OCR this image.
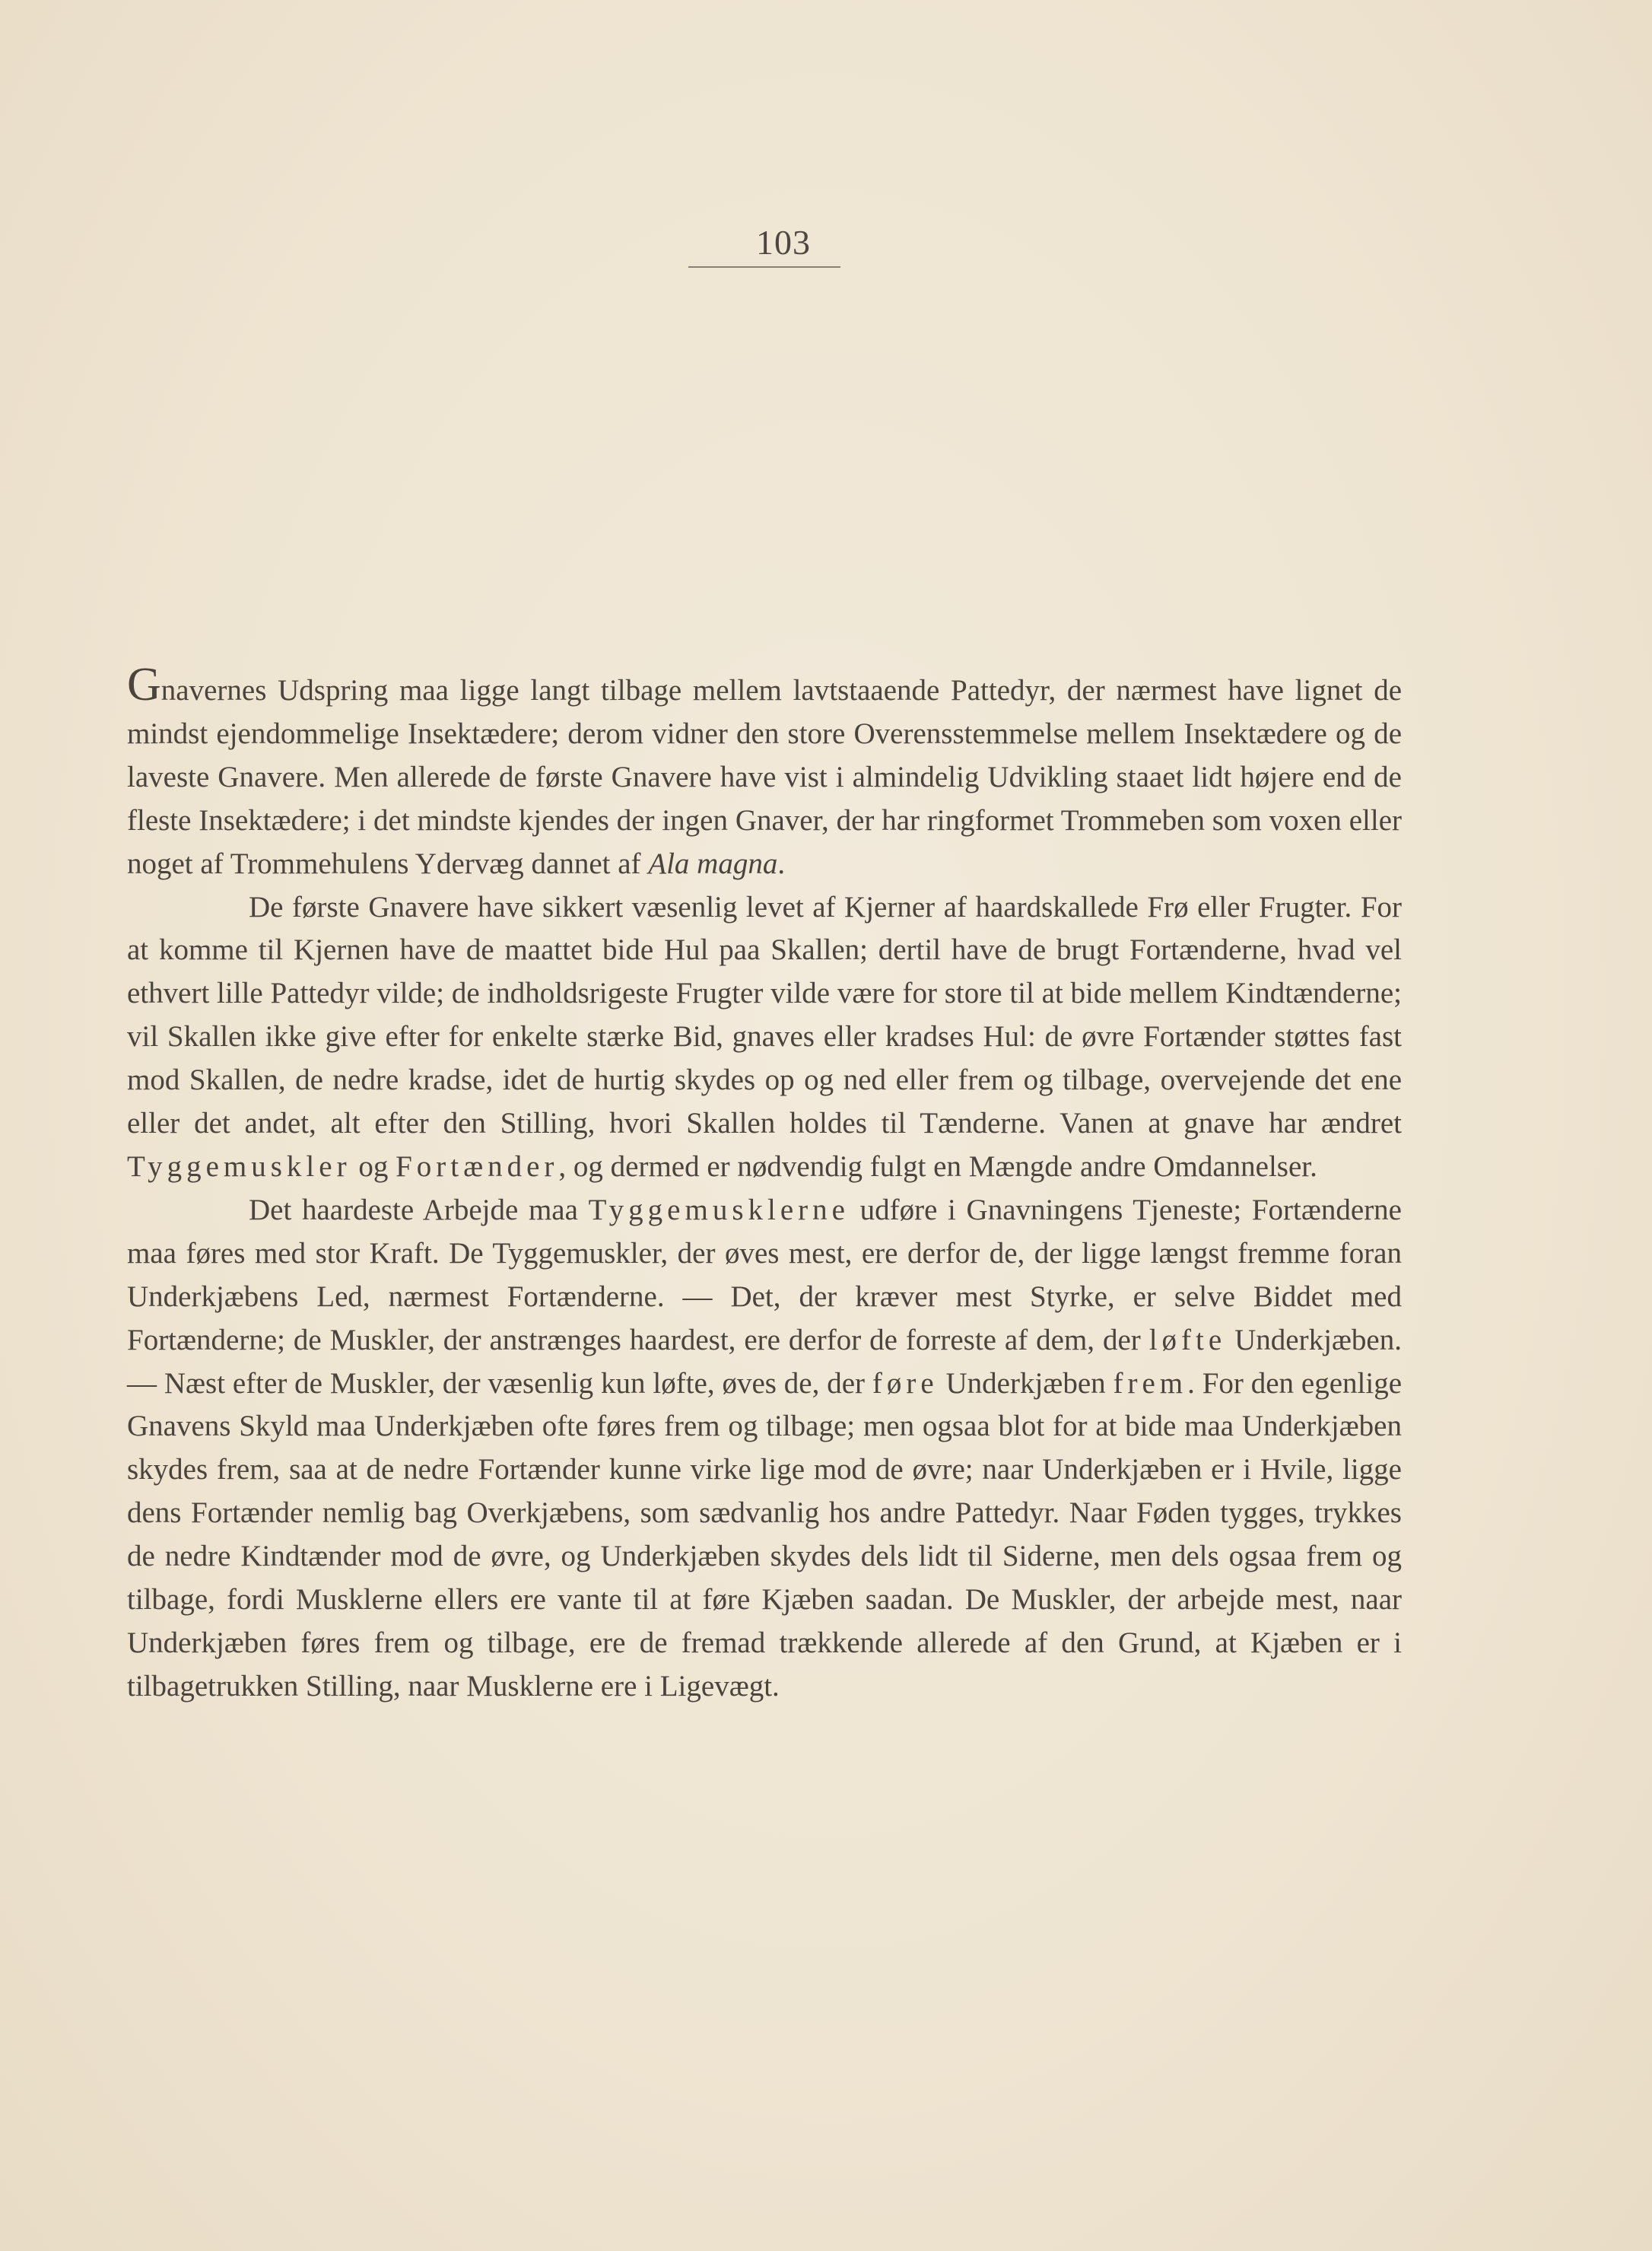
103

Gnavernes Udspring maa ligge langt tilbage mellem lavtstaaende Pattedyr, der nærmest have lignet de mindst ejendommelige Insektædere; derom vidner den store Overensstemmelse mellem Insektædere og de laveste Gnavere. Men allerede de første Gnavere have vist i almindelig Udvikling staaet lidt højere end de fleste Insektædere; i det mindste kjendes der ingen Gnaver, der har ringformet Trommeben som voxen eller noget af Trommehulens Ydervæg dannet af Ala magna.

De første Gnavere have sikkert væsenlig levet af Kjerner af haardskallede Frø eller Frugter. For at komme til Kjernen have de maattet bide Hul paa Skallen; dertil have de brugt Fortænderne, hvad vel ethvert lille Pattedyr vilde; de indholdsrigeste Frugter vilde være for store til at bide mellem Kindtænderne; vil Skallen ikke give efter for enkelte stærke Bid, gnaves eller kradses Hul: de øvre Fortænder støttes fast mod Skallen, de nedre kradse, idet de hurtig skydes op og ned eller frem og tilbage, overvejende det ene eller det andet, alt efter den Stilling, hvori Skallen holdes til Tænderne. Vanen at gnave har ændret Tyggemuskler og Fortænder, og dermed er nødvendig fulgt en Mængde andre Omdannelser.

Det haardeste Arbejde maa Tyggemusklerne udføre i Gnavningens Tjeneste; Fortænderne maa føres med stor Kraft. De Tyggemuskler, der øves mest, ere derfor de, der ligge længst fremme foran Underkjæbens Led, nærmest Fortænderne. — Det, der kræver mest Styrke, er selve Biddet med Fortænderne; de Muskler, der anstrænges haardest, ere derfor de forreste af dem, der løfte Underkjæben. — Næst efter de Muskler, der væsenlig kun løfte, øves de, der føre Underkjæben frem. For den egenlige Gnavens Skyld maa Underkjæben ofte føres frem og tilbage; men ogsaa blot for at bide maa Underkjæben skydes frem, saa at de nedre Fortænder kunne virke lige mod de øvre; naar Underkjæben er i Hvile, ligge dens Fortænder nemlig bag Overkjæbens, som sædvanlig hos andre Pattedyr. Naar Føden tygges, trykkes de nedre Kindtænder mod de øvre, og Underkjæben skydes dels lidt til Siderne, men dels ogsaa frem og tilbage, fordi Musklerne ellers ere vante til at føre Kjæben saadan. De Muskler, der arbejde mest, naar Underkjæben føres frem og tilbage, ere de fremad trækkende allerede af den Grund, at Kjæben er i tilbagetrukken Stilling, naar Musklerne ere i Ligevægt.
